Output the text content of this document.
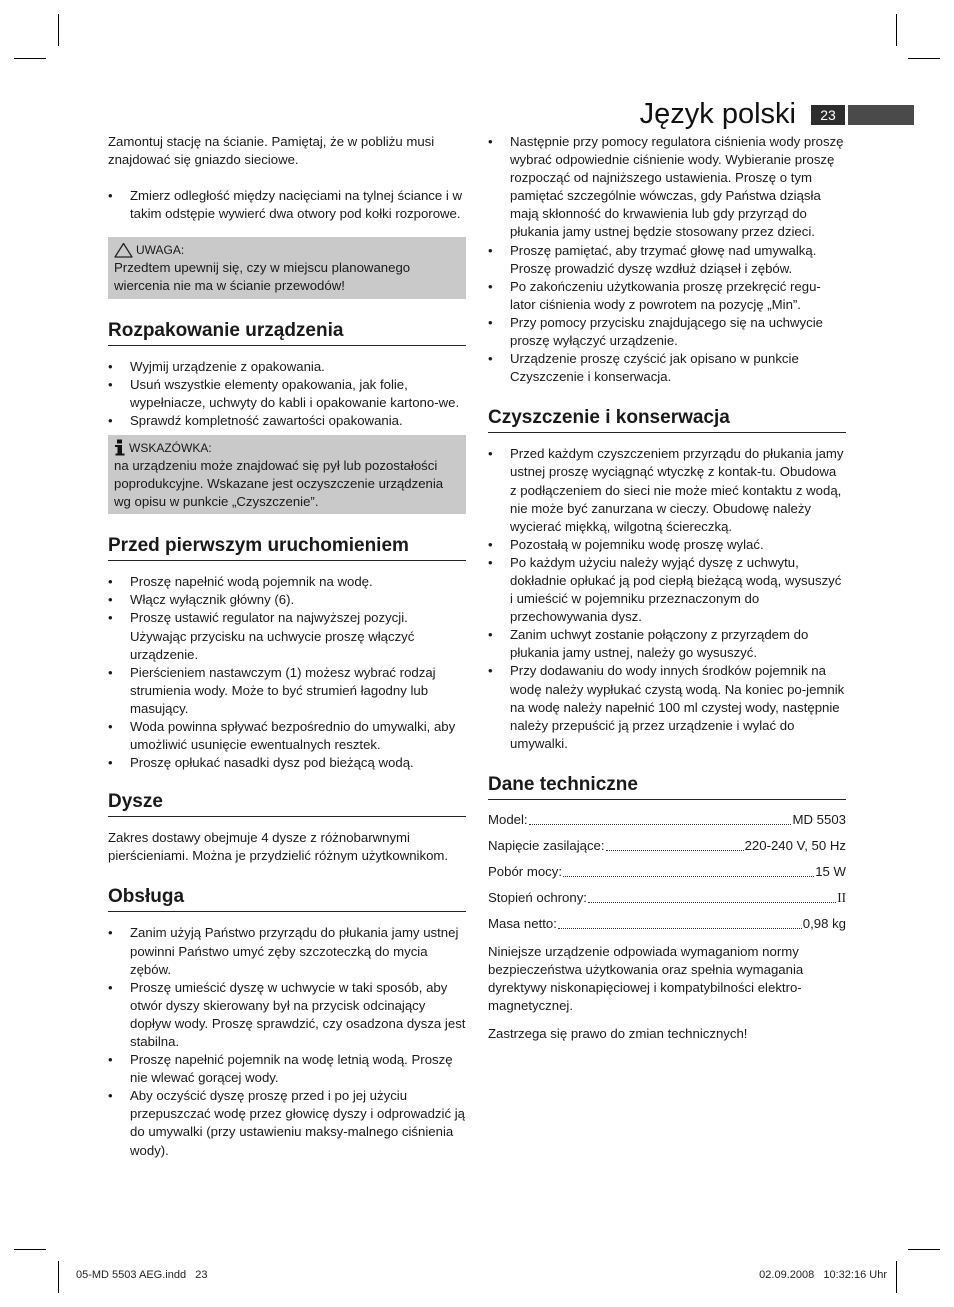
Język polski	23

Zamontuj stację na ścianie. Pamiętaj, że w pobliżu musi znajdować się gniazdo sieciowe.

• Zmierz odległość między nacięciami na tylnej ściance i w takim odstępie wywierć dwa otwory pod kołki rozporowe.
UWAGA:
Przedtem upewnij się, czy w miejscu planowanego wiercenia nie ma w ścianie przewodów!
Rozpakowanie urządzenia
• Wyjmij urządzenie z opakowania.
• Usuń wszystkie elementy opakowania, jak folie, wypełniacze, uchwyty do kabli i opakowanie kartono-we.
• Sprawdź kompletność zawartości opakowania.
WSKAZÓWKA:
na urządzeniu może znajdować się pył lub pozostałości poprodukcyjne. Wskazane jest oczyszczenie urządzenia wg opisu w punkcie „Czyszczenie”.
Przed pierwszym uruchomieniem
• Proszę napełnić wodą pojemnik na wodę.
• Włącz wyłącznik główny (6).
• Proszę ustawić regulator na najwyższej pozycji. Używając przycisku na uchwycie proszę włączyć urządzenie.
• Pierścieniem nastawczym (1) możesz wybrać rodzaj strumienia wody. Może to być strumień łagodny lub masujący.
• Woda powinna spływać bezpośrednio do umywalki, aby umożliwić usunięcie ewentualnych resztek.
• Proszę opłukać nasadki dysz pod bieżącą wodą.
Dysze

Zakres dostawy obejmuje 4 dysze z różnobarwnymi pierścieniami. Można je przydzielić różnym użytkownikom.

Obsługa
• Zanim użyją Państwo przyrządu do płukania jamy ustnej powinni Państwo umyć zęby szczoteczką do mycia zębów.
• Proszę umieścić dyszę w uchwycie w taki sposób, aby otwór dyszy skierowany był na przycisk odcinający dopływ wody. Proszę sprawdzić, czy osadzona dysza jest stabilna.
• Proszę napełnić pojemnik na wodę letnią wodą. Proszę nie wlewać gorącej wody.
• Aby oczyścić dyszę proszę przed i po jej użyciu przepuszczać wodę przez głowicę dyszy i odprowadzić ją do umywalki (przy ustawieniu maksy-malnego ciśnienia wody).
• Następnie przy pomocy regulatora ciśnienia wody proszę wybrać odpowiednie ciśnienie wody. Wybieranie proszę rozpocząć od najniższego ustawienia. Proszę o tym pamiętać szczególnie wówczas, gdy Państwa dziąsła mają skłonność do krwawienia lub gdy przyrząd do płukania jamy ustnej będzie stosowany przez dzieci.
• Proszę pamiętać, aby trzymać głowę nad umywalką. Proszę prowadzić dyszę wzdłuż dziąseł i zębów.
• Po zakończeniu użytkowania proszę przekręcić regu-lator ciśnienia wody z powrotem na pozycję „Min”.
• Przy pomocy przycisku znajdującego się na uchwycie proszę wyłączyć urządzenie.
• Urządzenie proszę czyścić jak opisano w punkcie Czyszczenie i konserwacja.
Czyszczenie i konserwacja
• Przed każdym czyszczeniem przyrządu do płukania jamy ustnej proszę wyciągnąć wtyczkę z kontak-tu. Obudowa z podłączeniem do sieci nie może mieć kontaktu z wodą, nie może być zanurzana w cieczy. Obudowę należy wycierać miękką, wilgotną ściereczką.
• Pozostałą w pojemniku wodę proszę wylać.
• Po każdym użyciu należy wyjąć dyszę z uchwytu, dokładnie opłukać ją pod ciepłą bieżącą wodą, wysuszyć i umieścić w pojemniku przeznaczonym do przechowywania dysz.
• Zanim uchwyt zostanie połączony z przyrządem do płukania jamy ustnej, należy go wysuszyć.
• Przy dodawaniu do wody innych środków pojemnik na wodę należy wypłukać czystą wodą. Na koniec po-jemnik na wodę należy napełnić 100 ml czystej wody, następnie należy przepuścić ją przez urządzenie i wylać do umywalki.
Dane techniczne
Model:	MD 5503
Napięcie zasilające:	220-240 V, 50 Hz
Pobór mocy:	15 W
Stopień ochrony:	II
Masa netto:	0,98 kg

Niniejsze urządzenie odpowiada wymaganiom normy bezpieczeństwa użytkowania oraz spełnia wymagania dyrektywy niskonapięciowej i kompatybilności elektro-magnetycznej.

Zastrzega się prawo do zmian technicznych!

05-MD 5503 AEG.indd   23	02.09.2008   10:32:16 Uhr
